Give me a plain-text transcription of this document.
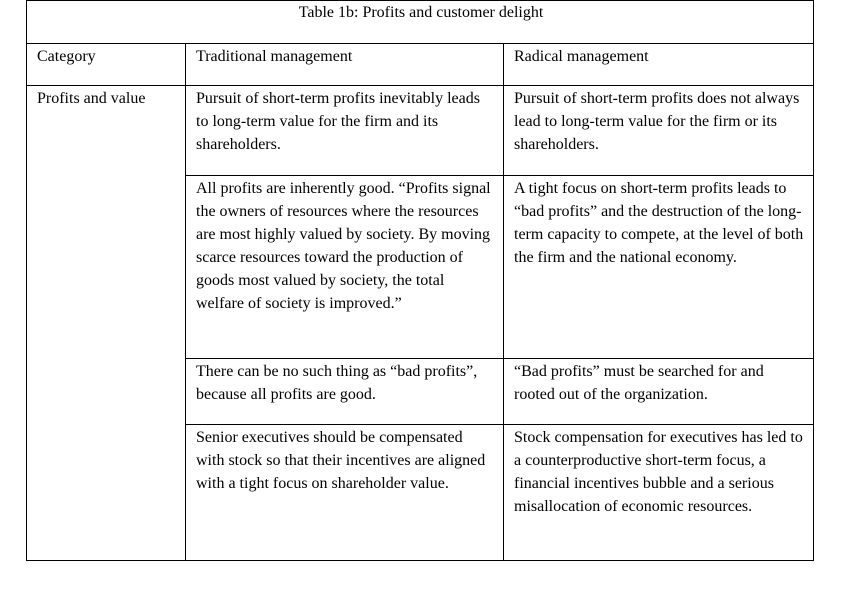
Table 1b: Profits and customer delight		
Category	Traditional management	Radical management
Profits and value	Pursuit of short-term profits inevitably leads to long-term value for the firm and its shareholders.	Pursuit of short-term profits does not always lead to long-term value for the firm or its shareholders.
	All profits are inherently good. “Profits signal the owners of resources where the resources are most highly valued by society. By moving scarce resources toward the production of goods most valued by society, the total welfare of society is improved.”	A tight focus on short-term profits leads to “bad profits” and the destruction of the long-term capacity to compete, at the level of both the firm and the national economy.
	There can be no such thing as “bad profits”, because all profits are good.	“Bad profits” must be searched for and rooted out of the organization.
	Senior executives should be compensated with stock so that their incentives are aligned with a tight focus on shareholder value.	Stock compensation for executives has led to a counterproductive short-term focus, a financial incentives bubble and a serious misallocation of economic resources.
